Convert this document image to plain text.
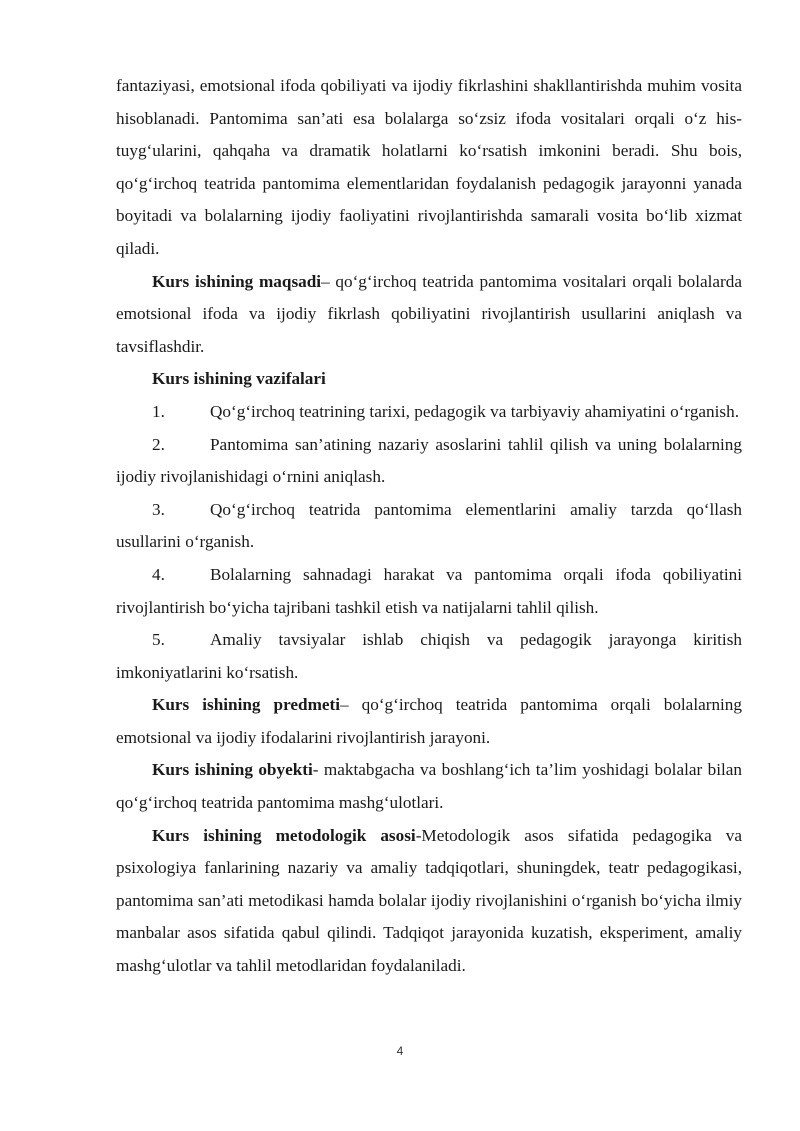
fantaziyasi, emotsional ifoda qobiliyati va ijodiy fikrlashini shakllantirishda muhim vosita hisoblanadi. Pantomima san’ati esa bolalarga so‘zsiz ifoda vositalari orqali o‘z his-tuyg‘ularini, qahqaha va dramatik holatlarni ko‘rsatish imkonini beradi. Shu bois, qo‘g‘irchoq teatrida pantomima elementlaridan foydalanish pedagogik jarayonni yanada boyitadi va bolalarning ijodiy faoliyatini rivojlantirishda samarali vosita bo‘lib xizmat qiladi.

Kurs ishining maqsadi– qo‘g‘irchoq teatrida pantomima vositalari orqali bolalarda emotsional ifoda va ijodiy fikrlash qobiliyatini rivojlantirish usullarini aniqlash va tavsiflashdir.

Kurs ishining vazifalari

1.	Qo‘g‘irchoq teatrining tarixi, pedagogik va tarbiyaviy ahamiyatini o‘rganish.

2.	Pantomima san’atining nazariy asoslarini tahlil qilish va uning bolalarning ijodiy rivojlanishidagi o‘rnini aniqlash.

3.	Qo‘g‘irchoq teatrida pantomima elementlarini amaliy tarzda qo‘llash usullarini o‘rganish.

4.	Bolalarning sahnadagi harakat va pantomima orqali ifoda qobiliyatini rivojlantirish bo‘yicha tajribani tashkil etish va natijalarni tahlil qilish.

5.	Amaliy tavsiyalar ishlab chiqish va pedagogik jarayonga kiritish imkoniyatlarini ko‘rsatish.

Kurs ishining predmeti– qo‘g‘irchoq teatrida pantomima orqali bolalarning emotsional va ijodiy ifodalarini rivojlantirish jarayoni.

Kurs ishining obyekti- maktabgacha va boshlang‘ich ta’lim yoshidagi bolalar bilan qo‘g‘irchoq teatrida pantomima mashg‘ulotlari.

Kurs ishining metodologik asosi-Metodologik asos sifatida pedagogika va psixologiya fanlarining nazariy va amaliy tadqiqotlari, shuningdek, teatr pedagogikasi, pantomima san’ati metodikasi hamda bolalar ijodiy rivojlanishini o‘rganish bo‘yicha ilmiy manbalar asos sifatida qabul qilindi. Tadqiqot jarayonida kuzatish, eksperiment, amaliy mashg‘ulotlar va tahlil metodlaridan foydalaniladi.

4
